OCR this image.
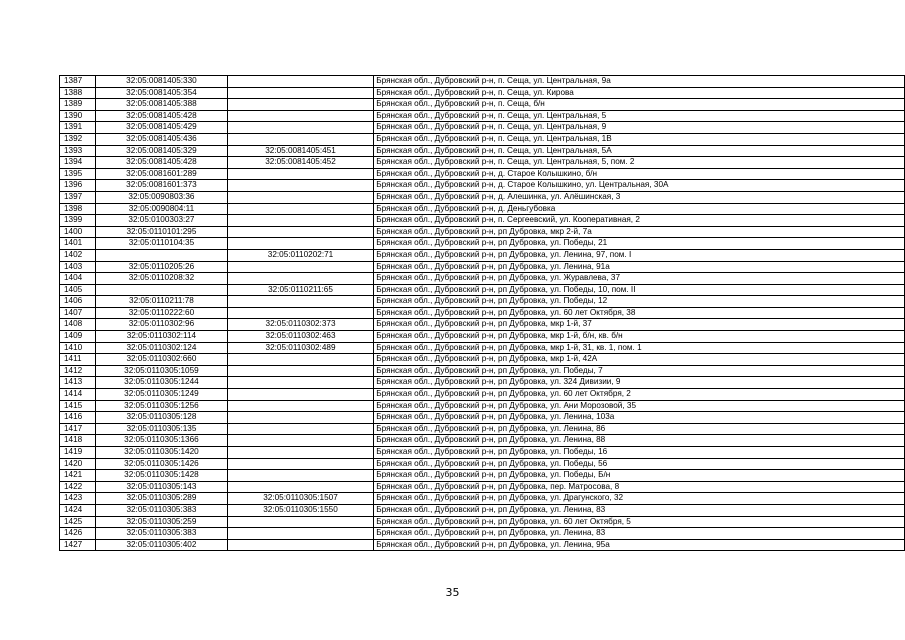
1387	32:05:0081405:330		Брянская обл., Дубровский р-н, п. Сеща, ул. Центральная, 9а
1388	32:05:0081405:354		Брянская обл., Дубровский р-н, п. Сеща, ул. Кирова
1389	32:05:0081405:388		Брянская обл., Дубровский р-н, п. Сеща, б/н
1390	32:05:0081405:428		Брянская обл., Дубровский р-н, п. Сеща, ул. Центральная, 5
1391	32:05:0081405:429		Брянская обл., Дубровский р-н, п. Сеща, ул. Центральная, 9
1392	32:05:0081405:436		Брянская обл., Дубровский р-н, п. Сеща, ул. Центральная, 1В
1393	32:05:0081405:329	32:05:0081405:451	Брянская обл., Дубровский р-н, п. Сеща, ул. Центральная, 5А
1394	32:05:0081405:428	32:05:0081405:452	Брянская обл., Дубровский р-н, п. Сеща, ул. Центральная, 5, пом. 2
1395	32:05:0081601:289		Брянская обл., Дубровский р-н, д. Старое Колышкино, б/н
1396	32:05:0081601:373		Брянская обл., Дубровский р-н, д. Старое Колышкино, ул. Центральная, 30А
1397	32:05:0090803:36		Брянская обл., Дубровский р-н, д. Алешинка, ул. Алёшинская, 3
1398	32:05:0090804:11		Брянская обл., Дубровский р-н, д. Деньгубовка
1399	32:05:0100303:27		Брянская обл., Дубровский р-н, п. Сергеевский, ул. Кооперативная, 2
1400	32:05:0110101:295		Брянская обл., Дубровский р-н, рп Дубровка, мкр 2-й, 7а
1401	32:05:0110104:35		Брянская обл., Дубровский р-н, рп Дубровка, ул. Победы, 21
1402		32:05:0110202:71	Брянская обл., Дубровский р-н, рп Дубровка, ул. Ленина, 97, пом. I
1403	32:05:0110205:26		Брянская обл., Дубровский р-н, рп Дубровка, ул. Ленина, 91а
1404	32:05:0110208:32		Брянская обл., Дубровский р-н, рп Дубровка, ул. Журавлева, 37
1405		32:05:0110211:65	Брянская обл., Дубровский р-н, рп Дубровка, ул. Победы, 10, пом. II
1406	32:05:0110211:78		Брянская обл., Дубровский р-н, рп Дубровка, ул. Победы, 12
1407	32:05:0110222:60		Брянская обл., Дубровский р-н, рп Дубровка, ул. 60 лет Октября, 38
1408	32:05:0110302:96	32:05:0110302:373	Брянская обл., Дубровский р-н, рп Дубровка, мкр 1-й, 37
1409	32:05:0110302:114	32:05:0110302:463	Брянская обл., Дубровский р-н, рп Дубровка, мкр 1-й, б/н, кв. б/н
1410	32:05:0110302:124	32:05:0110302:489	Брянская обл., Дубровский р-н, рп Дубровка, мкр 1-й, 31, кв. 1, пом. 1
1411	32:05:0110302:660		Брянская обл., Дубровский р-н, рп Дубровка, мкр 1-й, 42А
1412	32:05:0110305:1059		Брянская обл., Дубровский р-н, рп Дубровка, ул. Победы, 7
1413	32:05:0110305:1244		Брянская обл., Дубровский р-н, рп Дубровка, ул. 324 Дивизии, 9
1414	32:05:0110305:1249		Брянская обл., Дубровский р-н, рп Дубровка, ул. 60 лет Октября, 2
1415	32:05:0110305:1256		Брянская обл., Дубровский р-н, рп Дубровка, ул. Ани Морозовой, 35
1416	32:05:0110305:128		Брянская обл., Дубровский р-н, рп Дубровка, ул. Ленина, 103а
1417	32:05:0110305:135		Брянская обл., Дубровский р-н, рп Дубровка, ул. Ленина, 86
1418	32:05:0110305:1366		Брянская обл., Дубровский р-н, рп Дубровка, ул. Ленина, 88
1419	32:05:0110305:1420		Брянская обл., Дубровский р-н, рп Дубровка, ул. Победы, 16
1420	32:05:0110305:1426		Брянская обл., Дубровский р-н, рп Дубровка, ул. Победы, 56
1421	32:05:0110305:1428		Брянская обл., Дубровский р-н, рп Дубровка, ул. Победы, Б/н
1422	32:05:0110305:143		Брянская обл., Дубровский р-н, рп Дубровка, пер. Матросова, 8
1423	32:05:0110305:289	32:05:0110305:1507	Брянская обл., Дубровский р-н, рп Дубровка, ул. Драгунского, 32
1424	32:05:0110305:383	32:05:0110305:1550	Брянская обл., Дубровский р-н, рп Дубровка, ул. Ленина, 83
1425	32:05:0110305:259		Брянская обл., Дубровский р-н, рп Дубровка, ул. 60 лет Октября, 5
1426	32:05:0110305:383		Брянская обл., Дубровский р-н, рп Дубровка, ул. Ленина, 83
1427	32:05:0110305:402		Брянская обл., Дубровский р-н, рп Дубровка, ул. Ленина, 95а
35
